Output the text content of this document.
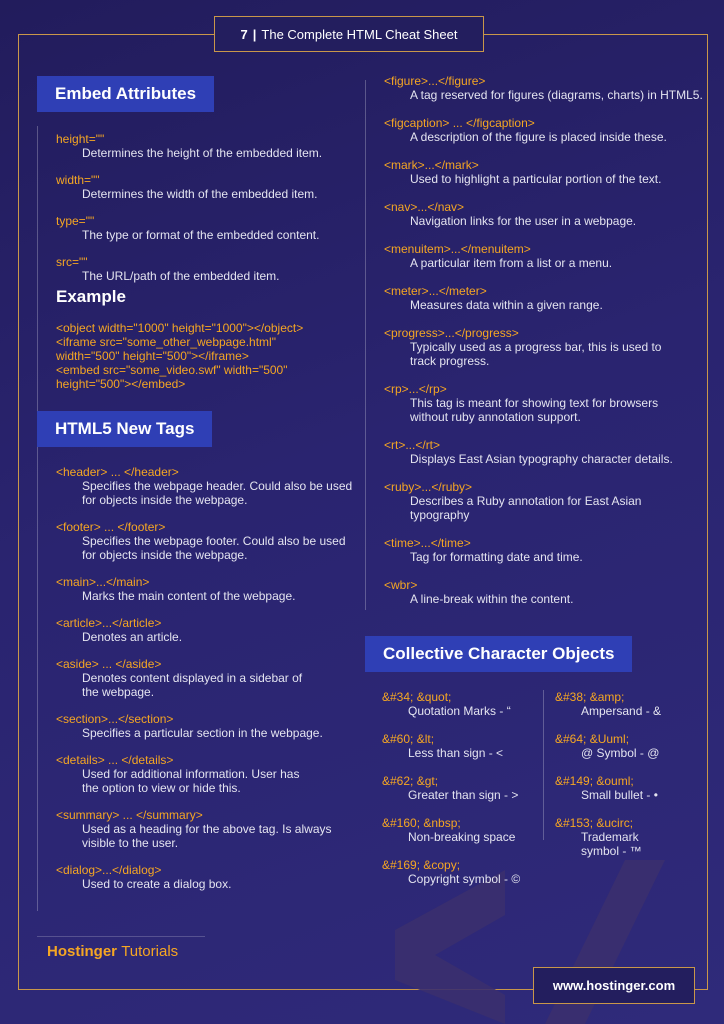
7 | The Complete HTML Cheat Sheet
Embed Attributes
height=""
Determines the height of the embedded item.
width=""
Determines the width of the embedded item.
type=""
The type or format of the embedded content.
src=""
The URL/path of the embedded item.
Example
<object width="1000" height="1000"></object>
<iframe src="some_other_webpage.html"
width="500" height="500"></iframe>
<embed src="some_video.swf" width="500"
height="500"></embed>
HTML5 New Tags
<header> ... </header>
Specifies the webpage header. Could also be used
for objects inside the webpage.
<footer> ... </footer>
Specifies the webpage footer. Could also be used
for objects inside the webpage.
<main>...</main>
Marks the main content of the webpage.
<article>...</article>
Denotes an article.
<aside> ... </aside>
Denotes content displayed in a sidebar of
the webpage.
<section>...</section>
Specifies a particular section in the webpage.
<details> ... </details>
Used for additional information. User has
the option to view or hide this.
<summary> ... </summary>
Used as a heading for the above tag. Is always
visible to the user.
<dialog>...</dialog>
Used to create a dialog box.
<figure>...</figure>
A tag reserved for figures (diagrams, charts) in HTML5.
<figcaption> ... </figcaption>
A description of the figure is placed inside these.
<mark>...</mark>
Used to highlight a particular portion of the text.
<nav>...</nav>
Navigation links for the user in a webpage.
<menuitem>...</menuitem>
A particular item from a list or a menu.
<meter>...</meter>
Measures data within a given range.
<progress>...</progress>
Typically used as a progress bar, this is used to
track progress.
<rp>...</rp>
This tag is meant for showing text for browsers
without ruby annotation support.
<rt>...</rt>
Displays East Asian typography character details.
<ruby>...</ruby>
Describes a Ruby annotation for East Asian
typography
<time>...</time>
Tag for formatting date and time.
<wbr>
A line-break within the content.
Collective Character Objects
&#34; &quot;
Quotation Marks - “
&#60; &lt;
Less than sign - <
&#62; &gt;
Greater than sign - >
&#160; &nbsp;
Non-breaking space
&#169; &copy;
Copyright symbol - ©
&#38; &amp;
Ampersand - &
&#64; &Uuml;
@ Symbol - @
&#149; &ouml;
Small bullet - •
&#153; &ucirc;
Trademark
symbol - ™
Hostinger Tutorials
www.hostinger.com
